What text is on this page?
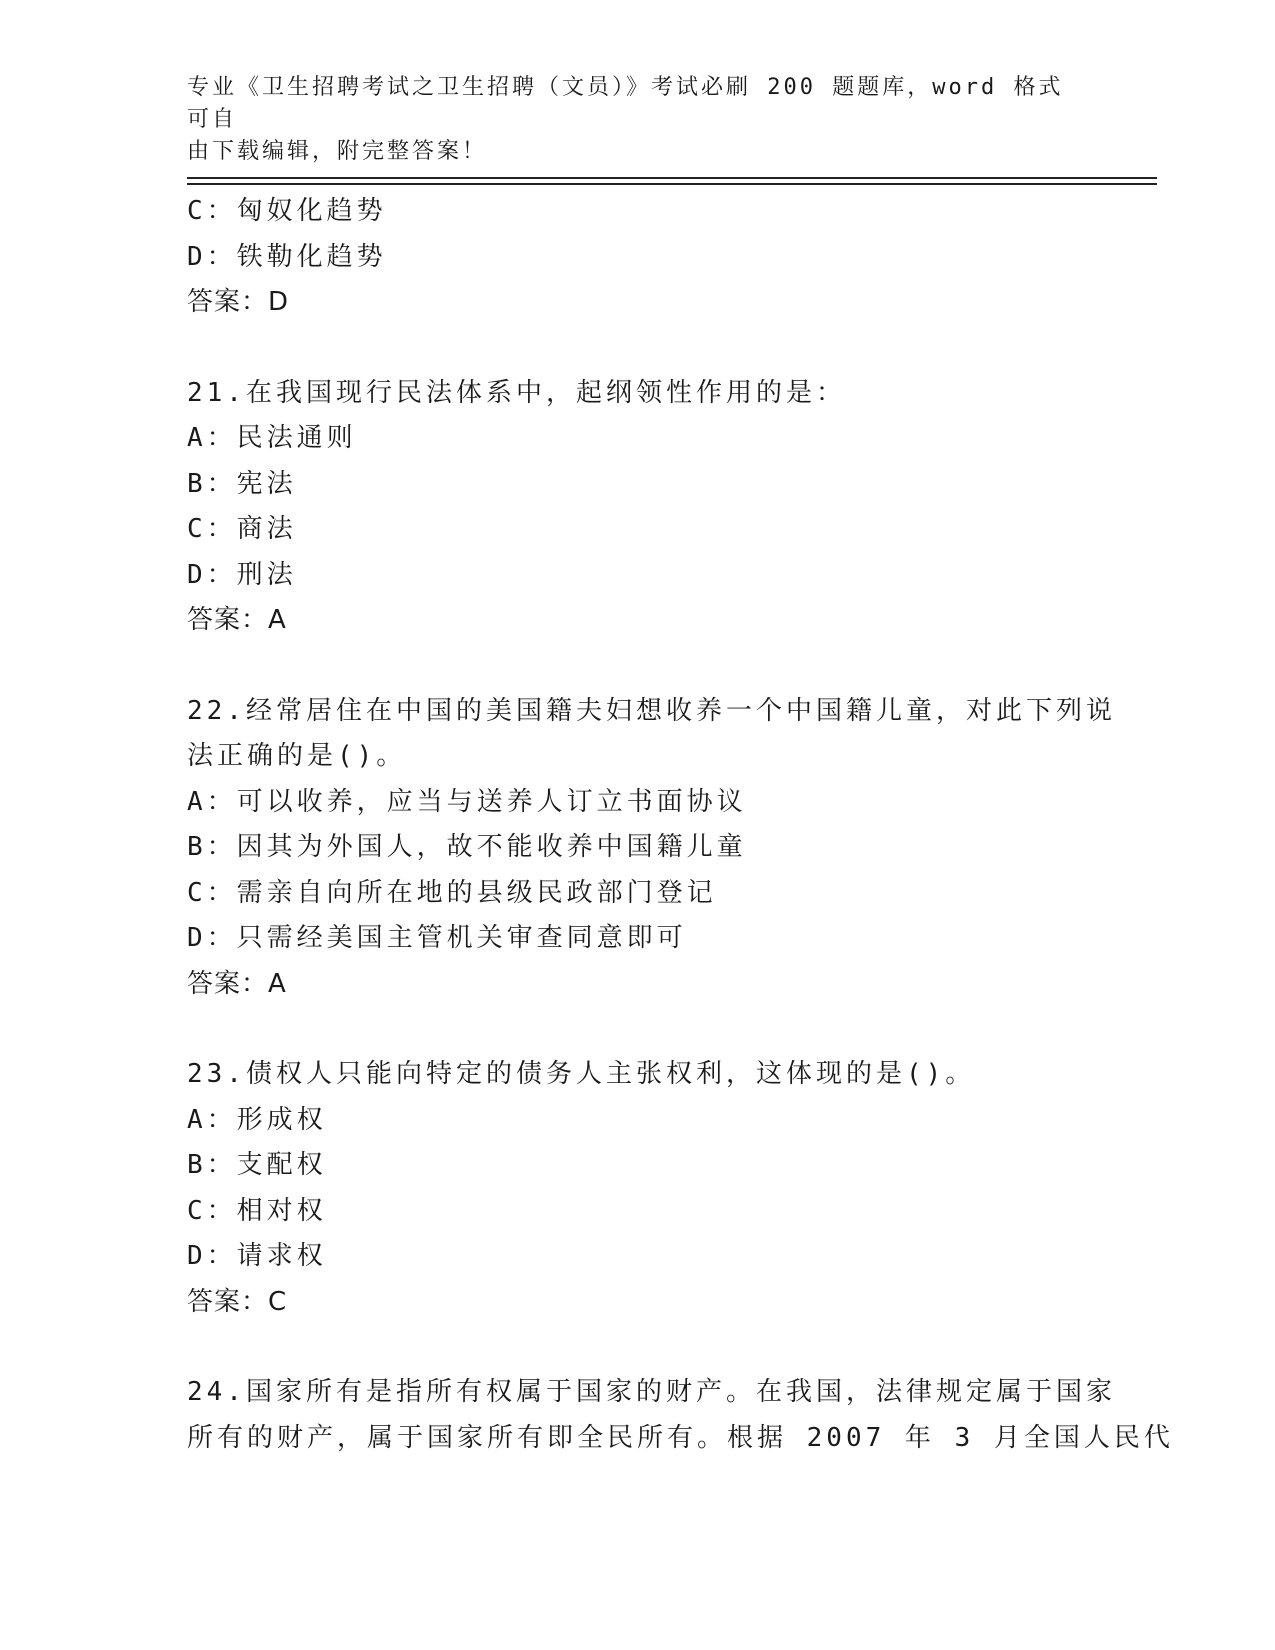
专业《卫生招聘考试之卫生招聘（文员）》考试必刷 200 题题库，word 格式可自
由下载编辑，附完整答案！
C：匈奴化趋势
D：铁勒化趋势
答案：D
21.在我国现行民法体系中，起纲领性作用的是：
A：民法通则
B：宪法
C：商法
D：刑法
答案：A
22.经常居住在中国的美国籍夫妇想收养一个中国籍儿童，对此下列说
法正确的是()。
A：可以收养，应当与送养人订立书面协议
B：因其为外国人，故不能收养中国籍儿童
C：需亲自向所在地的县级民政部门登记
D：只需经美国主管机关审查同意即可
答案：A
23.债权人只能向特定的债务人主张权利，这体现的是()。
A：形成权
B：支配权
C：相对权
D：请求权
答案：C
24.国家所有是指所有权属于国家的财产。在我国，法律规定属于国家
所有的财产，属于国家所有即全民所有。根据 2007 年 3 月全国人民代
